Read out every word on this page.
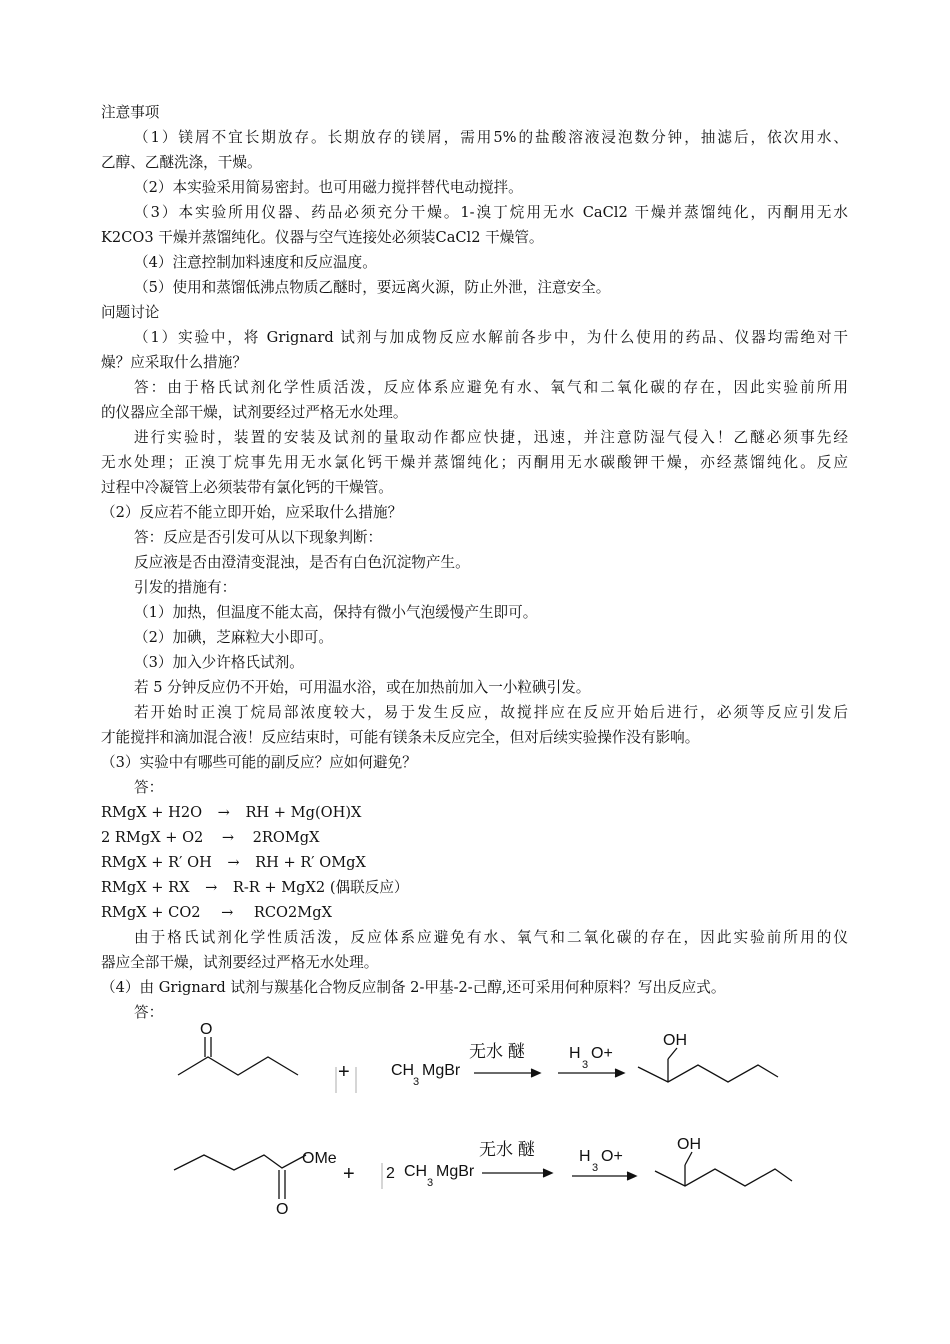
注意事项
（1）镁屑不宜长期放存。长期放存的镁屑，需用5%的盐酸溶液浸泡数分钟，抽滤后，依次用水、
乙醇、乙醚洗涤，干燥。
（2）本实验采用简易密封。也可用磁力搅拌替代电动搅拌。
（3）本实验所用仪器、药品必须充分干燥。1-溴丁烷用无水 CaCl2 干燥并蒸馏纯化，丙酮用无水
K2CO3 干燥并蒸馏纯化。仪器与空气连接处必须装CaCl2 干燥管。
（4）注意控制加料速度和反应温度。
（5）使用和蒸馏低沸点物质乙醚时，要远离火源，防止外泄，注意安全。
问题讨论
（1）实验中，将 Grignard 试剂与加成物反应水解前各步中，为什么使用的药品、仪器均需绝对干
燥？应采取什么措施？
答：由于格氏试剂化学性质活泼，反应体系应避免有水、氧气和二氧化碳的存在，因此实验前所用
的仪器应全部干燥，试剂要经过严格无水处理。
进行实验时，装置的安装及试剂的量取动作都应快捷，迅速，并注意防湿气侵入！乙醚必须事先经
无水处理；正溴丁烷事先用无水氯化钙干燥并蒸馏纯化；丙酮用无水碳酸钾干燥，亦经蒸馏纯化。反应
过程中冷凝管上必须装带有氯化钙的干燥管。
（2）反应若不能立即开始，应采取什么措施？
答：反应是否引发可从以下现象判断：
反应液是否由澄清变混浊，是否有白色沉淀物产生。
引发的措施有：
（1）加热，但温度不能太高，保持有微小气泡缓慢产生即可。
（2）加碘，芝麻粒大小即可。
（3）加入少许格氏试剂。
若 5 分钟反应仍不开始，可用温水浴，或在加热前加入一小粒碘引发。
若开始时正溴丁烷局部浓度较大，易于发生反应，故搅拌应在反应开始后进行，必须等反应引发后
才能搅拌和滴加混合液！反应结束时，可能有镁条未反应完全，但对后续实验操作没有影响。
（3）实验中有哪些可能的副反应？应如何避免？
答：
RMgX + H2O → RH + Mg(OH)X
2 RMgX + O2 → 2ROMgX
RMgX + R′ OH → RH + R′ OMgX
RMgX + RX → R-R + MgX2 (偶联反应）
RMgX + CO2 → RCO2MgX
由于格氏试剂化学性质活泼，反应体系应避免有水、氧气和二氧化碳的存在，因此实验前所用的仪
器应全部干燥，试剂要经过严格无水处理。
（4）由 Grignard 试剂与羰基化合物反应制备 2-甲基-2-己醇,还可采用何种原料？写出反应式。
答：
O
+	CH
3
MgBr
无水 醚	H
3
O+
OH
OMe
O
+ 2 CH
3
MgBr
无水 醚	H
3
O+
OH
